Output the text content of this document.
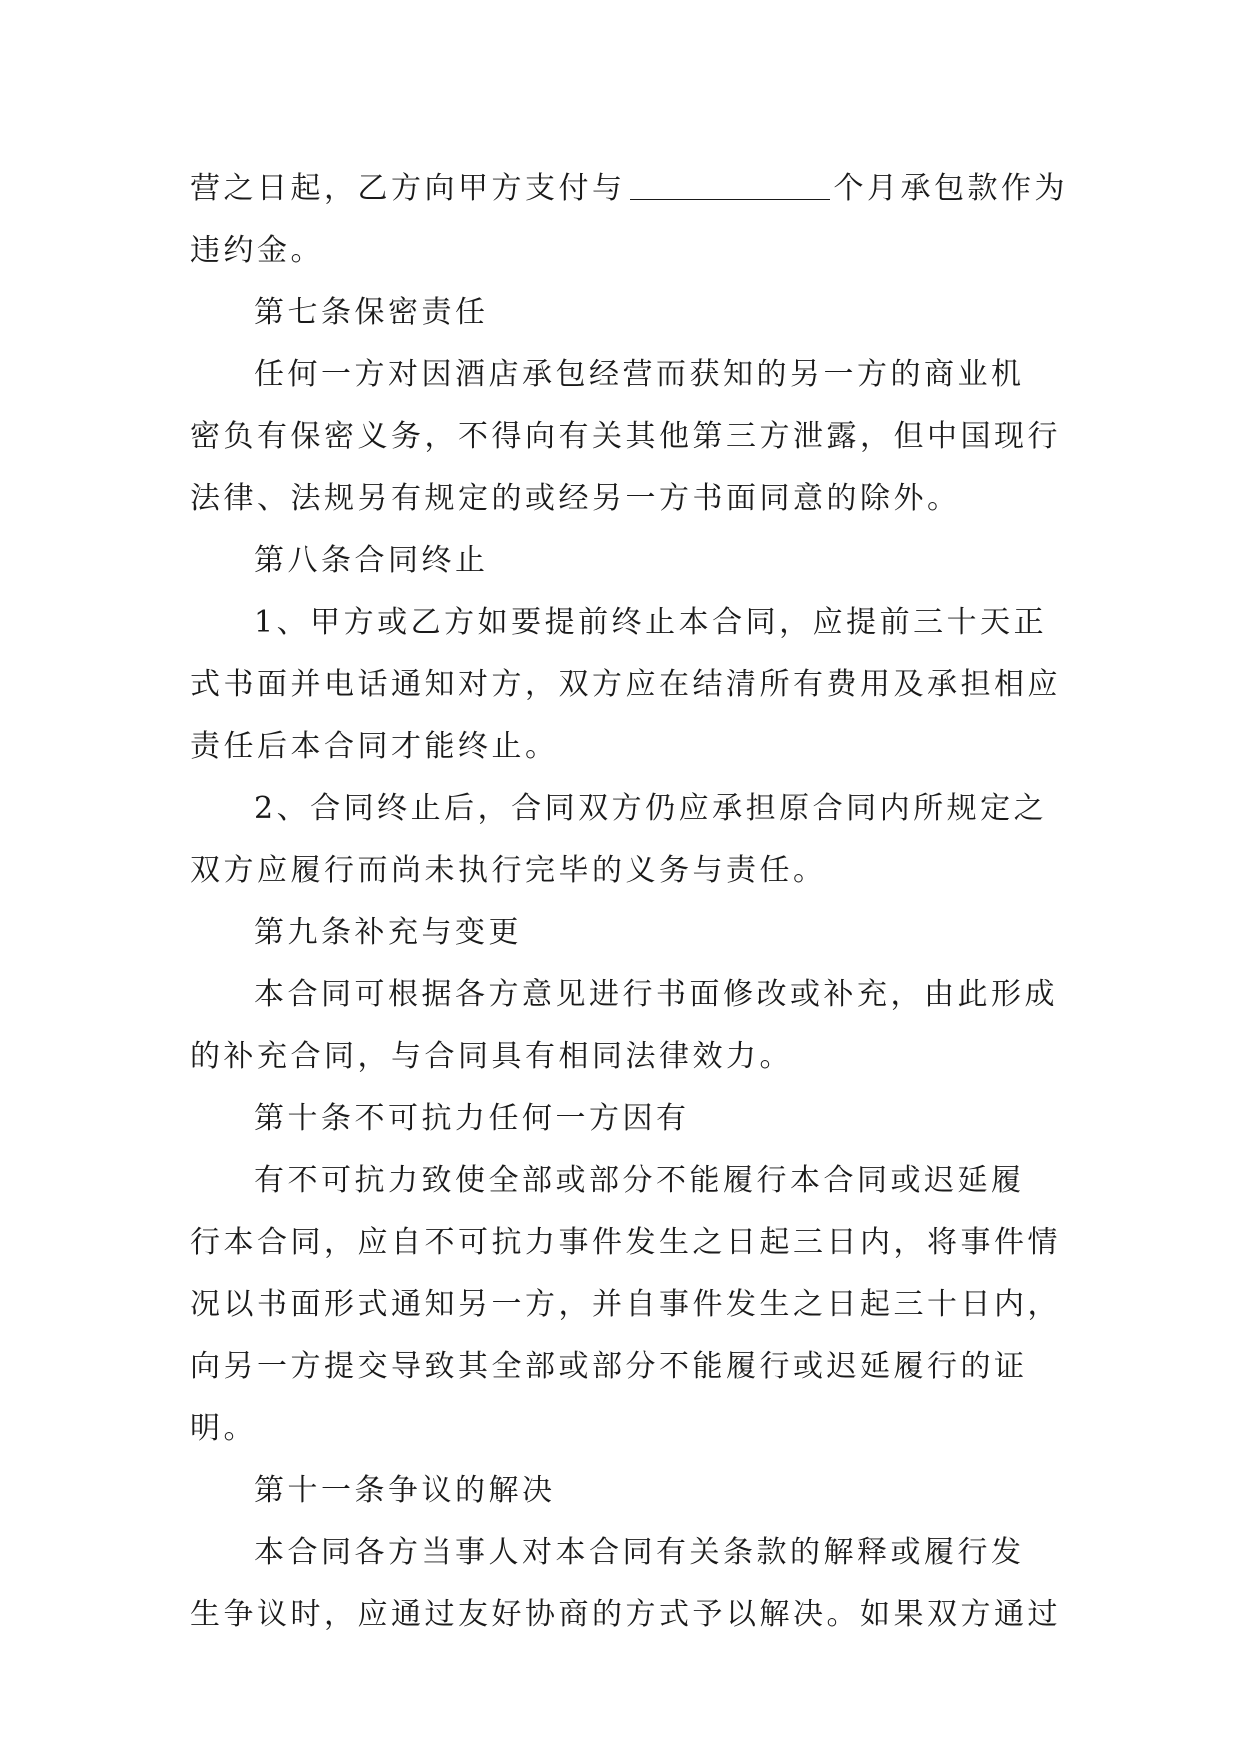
营之日起，乙方向甲方支付与	个月承包款作为
违约金。
第七条保密责任
任何一方对因酒店承包经营而获知的另一方的商业机
密负有保密义务，不得向有关其他第三方泄露，但中国现行
法律、法规另有规定的或经另一方书面同意的除外。
第八条合同终止
1、甲方或乙方如要提前终止本合同，应提前三十天正
式书面并电话通知对方，双方应在结清所有费用及承担相应
责任后本合同才能终止。
2、合同终止后，合同双方仍应承担原合同内所规定之
双方应履行而尚未执行完毕的义务与责任。
第九条补充与变更
本合同可根据各方意见进行书面修改或补充，由此形成
的补充合同，与合同具有相同法律效力。
第十条不可抗力任何一方因有
有不可抗力致使全部或部分不能履行本合同或迟延履
行本合同，应自不可抗力事件发生之日起三日内，将事件情
况以书面形式通知另一方，并自事件发生之日起三十日内，
向另一方提交导致其全部或部分不能履行或迟延履行的证
明。
第十一条争议的解决
本合同各方当事人对本合同有关条款的解释或履行发
生争议时，应通过友好协商的方式予以解决。如果双方通过
